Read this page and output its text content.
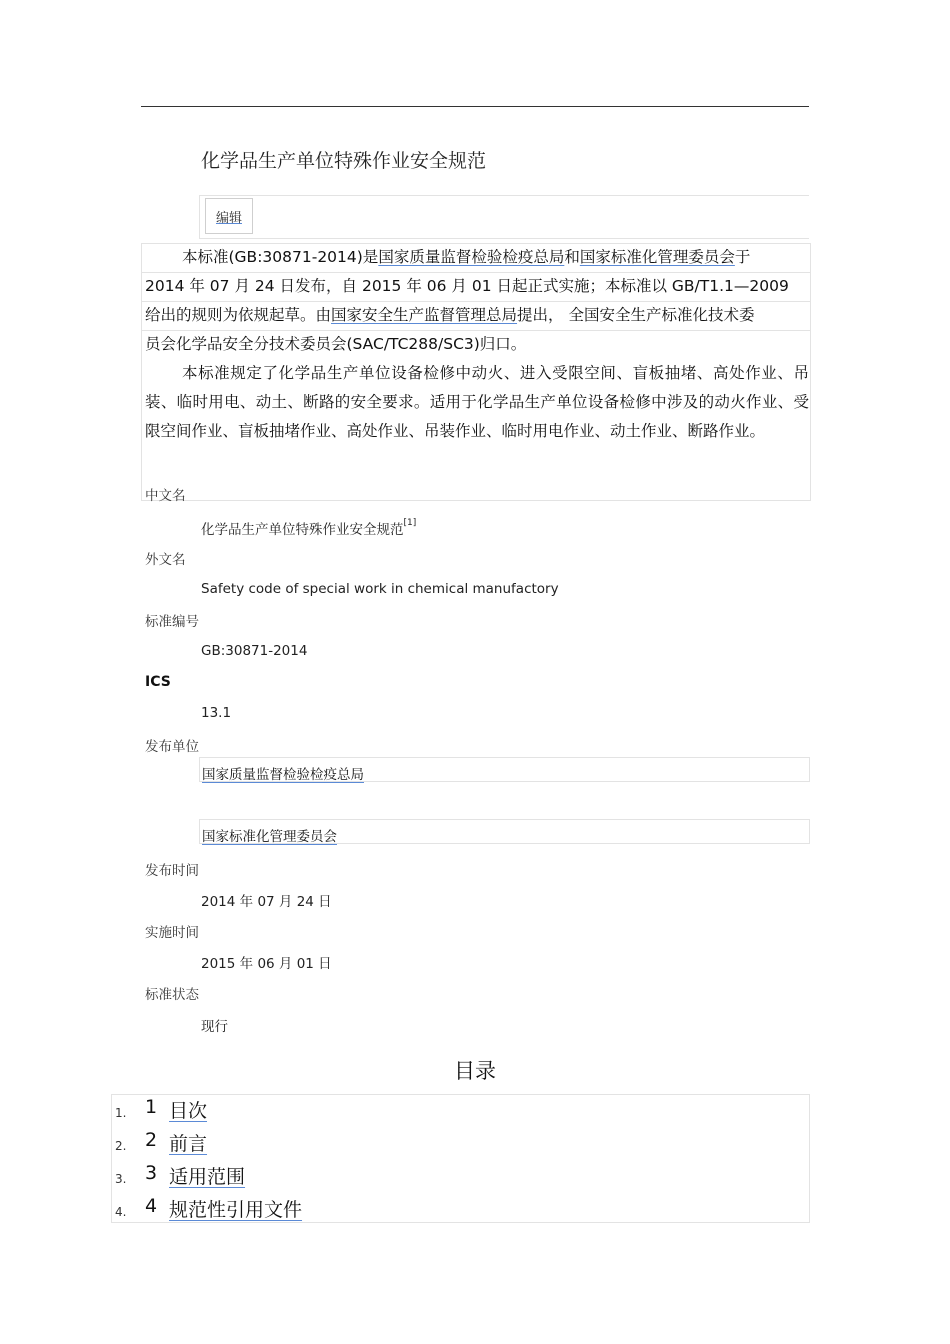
化学品生产单位特殊作业安全规范
编辑
本标准(GB:30871-2014)是国家质量监督检验检疫总局和国家标准化管理委员会于
2014 年 07 月 24 日发布，自 2015 年 06 月 01 日起正式实施；本标准以 GB/T1.1—2009
给出的规则为依规起草。由国家安全生产监督管理总局提出， 全国安全生产标准化技术委
员会化学品安全分技术委员会(SAC/TC288/SC3)归口。
本标准规定了化学品生产单位设备检修中动火、进入受限空间、盲板抽堵、高处作业、吊装、临时用电、动土、断路的安全要求。适用于化学品生产单位设备检修中涉及的动火作业、受限空间作业、盲板抽堵作业、高处作业、吊装作业、临时用电作业、动土作业、断路作业。
中文名
化学品生产单位特殊作业安全规范[1]
外文名
Safety code of special work in chemical manufactory
标准编号
GB:30871-2014
ICS
13.1
发布单位
国家质量监督检验检疫总局
国家标准化管理委员会
发布时间
2014 年 07 月 24 日
实施时间
2015 年 06 月 01 日
标准状态
现行
目录
1. 1 目次
2. 2 前言
3. 3 适用范围
4. 4 规范性引用文件
